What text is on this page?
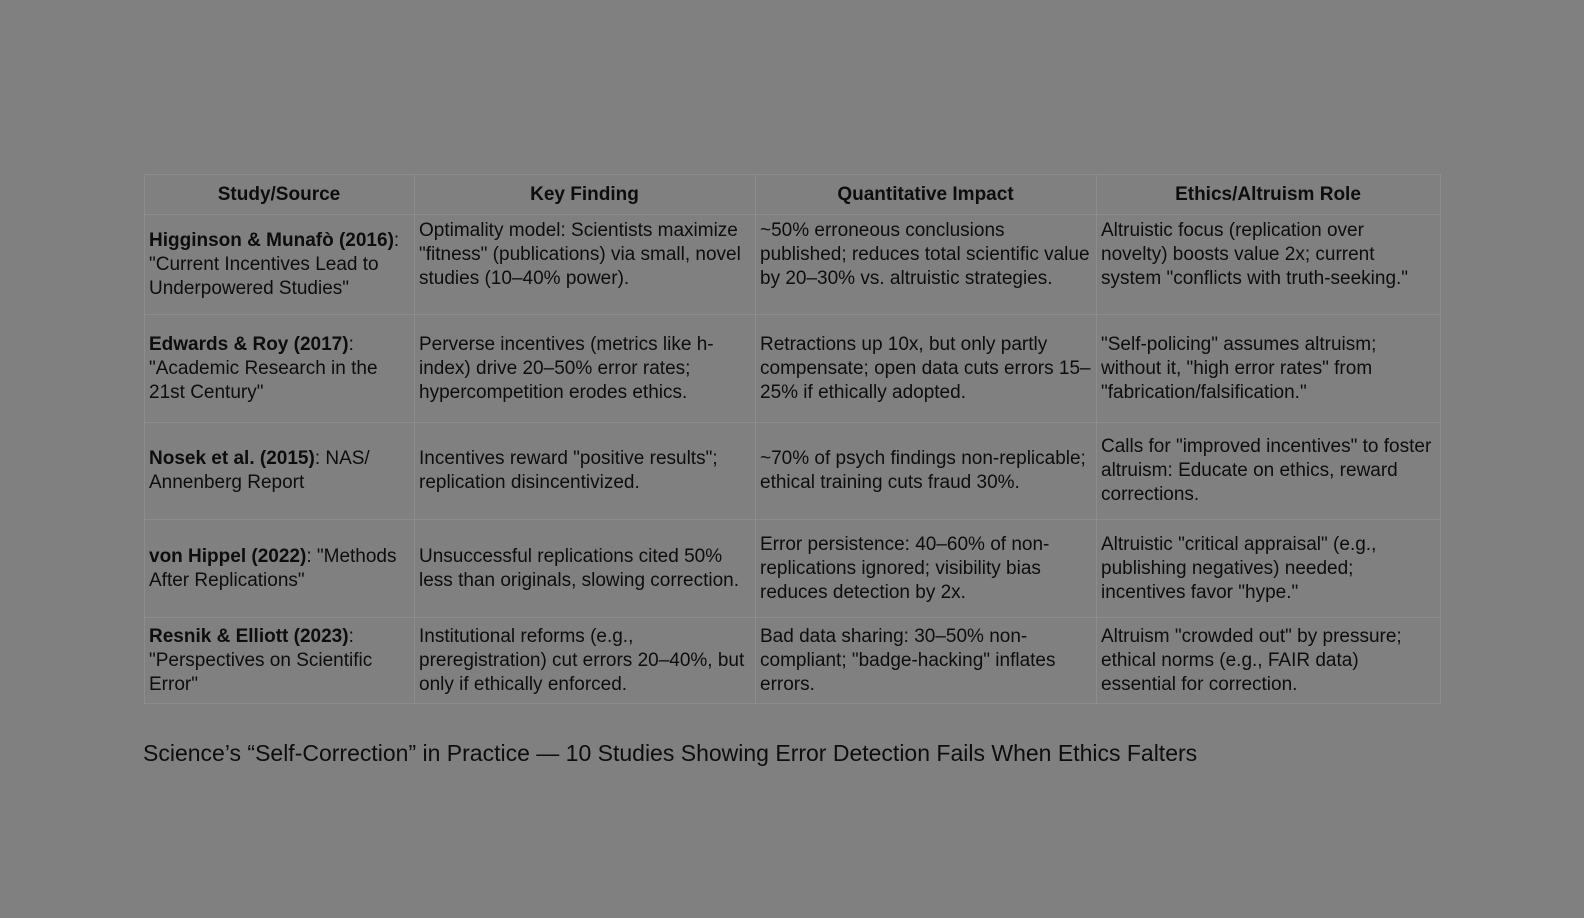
Study/Source	Key Finding	Quantitative Impact	Ethics/Altruism Role
Higginson & Munafò (2016): "Current Incentives Lead to Underpowered Studies"	Optimality model: Scientists maximize "fitness" (publications) via small, novel studies (10–40% power).	~50% erroneous conclusions published; reduces total scientific value by 20–30% vs. altruistic strategies.	Altruistic focus (replication over novelty) boosts value 2x; current system "conflicts with truth-seeking."
Edwards & Roy (2017): "Academic Research in the 21st Century"	Perverse incentives (metrics like h-index) drive 20–50% error rates; hypercompetition erodes ethics.	Retractions up 10x, but only partly compensate; open data cuts errors 15–25% if ethically adopted.	"Self-policing" assumes altruism; without it, "high error rates" from "fabrication/falsification."
Nosek et al. (2015): NAS/ Annenberg Report	Incentives reward "positive results"; replication disincentivized.	~70% of psych findings non-replicable; ethical training cuts fraud 30%.	Calls for "improved incentives" to foster altruism: Educate on ethics, reward corrections.
von Hippel (2022): "Methods After Replications"	Unsuccessful replications cited 50% less than originals, slowing correction.	Error persistence: 40–60% of non-replications ignored; visibility bias reduces detection by 2x.	Altruistic "critical appraisal" (e.g., publishing negatives) needed; incentives favor "hype."
Resnik & Elliott (2023): "Perspectives on Scientific Error"	Institutional reforms (e.g., preregistration) cut errors 20–40%, but only if ethically enforced.	Bad data sharing: 30–50% non-compliant; "badge-hacking" inflates errors.	Altruism "crowded out" by pressure; ethical norms (e.g., FAIR data) essential for correction.
Science’s “Self-Correction” in Practice — 10 Studies Showing Error Detection Fails When Ethics Falters
